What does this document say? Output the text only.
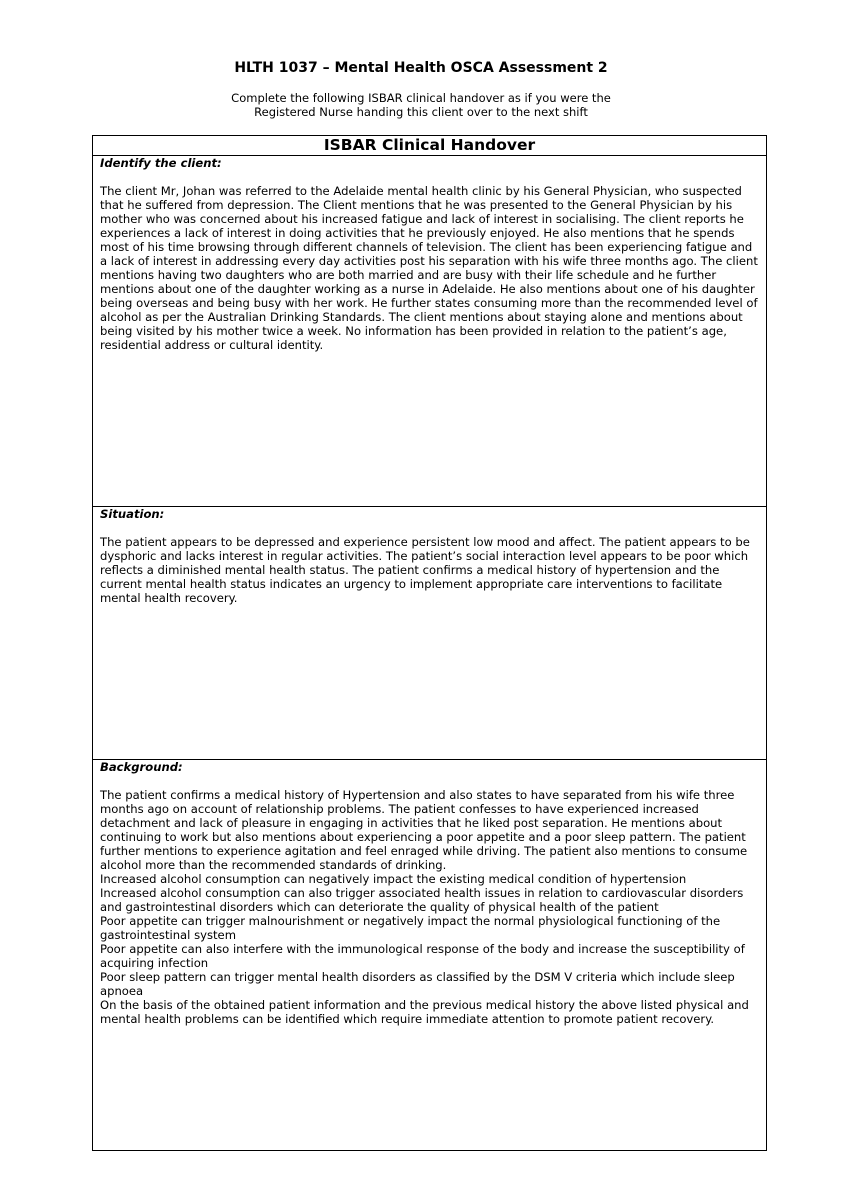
HLTH 1037 – Mental Health OSCA Assessment 2
Complete the following ISBAR clinical handover as if you were the
Registered Nurse handing this client over to the next shift
ISBAR Clinical Handover
Identify the client:

The client Mr, Johan was referred to the Adelaide mental health clinic by his General Physician, who suspected that he suffered from depression. The Client mentions that he was presented to the General Physician by his mother who was concerned about his increased fatigue and lack of interest in socialising. The client reports he experiences a lack of interest in doing activities that he previously enjoyed. He also mentions that he spends most of his time browsing through different channels of television. The client has been experiencing fatigue and a lack of interest in addressing every day activities post his separation with his wife three months ago. The client mentions having two daughters who are both married and are busy with their life schedule and he further mentions about one of the daughter working as a nurse in Adelaide. He also mentions about one of his daughter being overseas and being busy with her work. He further states consuming more than the recommended level of alcohol as per the Australian Drinking Standards. The client mentions about staying alone and mentions about being visited by his mother twice a week. No information has been provided in relation to the patient’s age, residential address or cultural identity.

Situation:

The patient appears to be depressed and experience persistent low mood and affect. The patient appears to be dysphoric and lacks interest in regular activities. The patient’s social interaction level appears to be poor which reflects a diminished mental health status. The patient confirms a medical history of hypertension and the current mental health status indicates an urgency to implement appropriate care interventions to facilitate mental health recovery.

Background:

The patient confirms a medical history of Hypertension and also states to have separated from his wife three months ago on account of relationship problems. The patient confesses to have experienced increased detachment and lack of pleasure in engaging in activities that he liked post separation. He mentions about continuing to work but also mentions about experiencing a poor appetite and a poor sleep pattern. The patient further mentions to experience agitation and feel enraged while driving. The patient also mentions to consume alcohol more than the recommended standards of drinking.

Increased alcohol consumption can negatively impact the existing medical condition of hypertension

Increased alcohol consumption can also trigger associated health issues in relation to cardiovascular disorders and gastrointestinal disorders which can deteriorate the quality of physical health of the patient

Poor appetite can trigger malnourishment or negatively impact the normal physiological functioning of the gastrointestinal system

Poor appetite can also interfere with the immunological response of the body and increase the susceptibility of acquiring infection

Poor sleep pattern can trigger mental health disorders as classified by the DSM V criteria which include sleep apnoea

On the basis of the obtained patient information and the previous medical history the above listed physical and mental health problems can be identified which require immediate attention to promote patient recovery.
